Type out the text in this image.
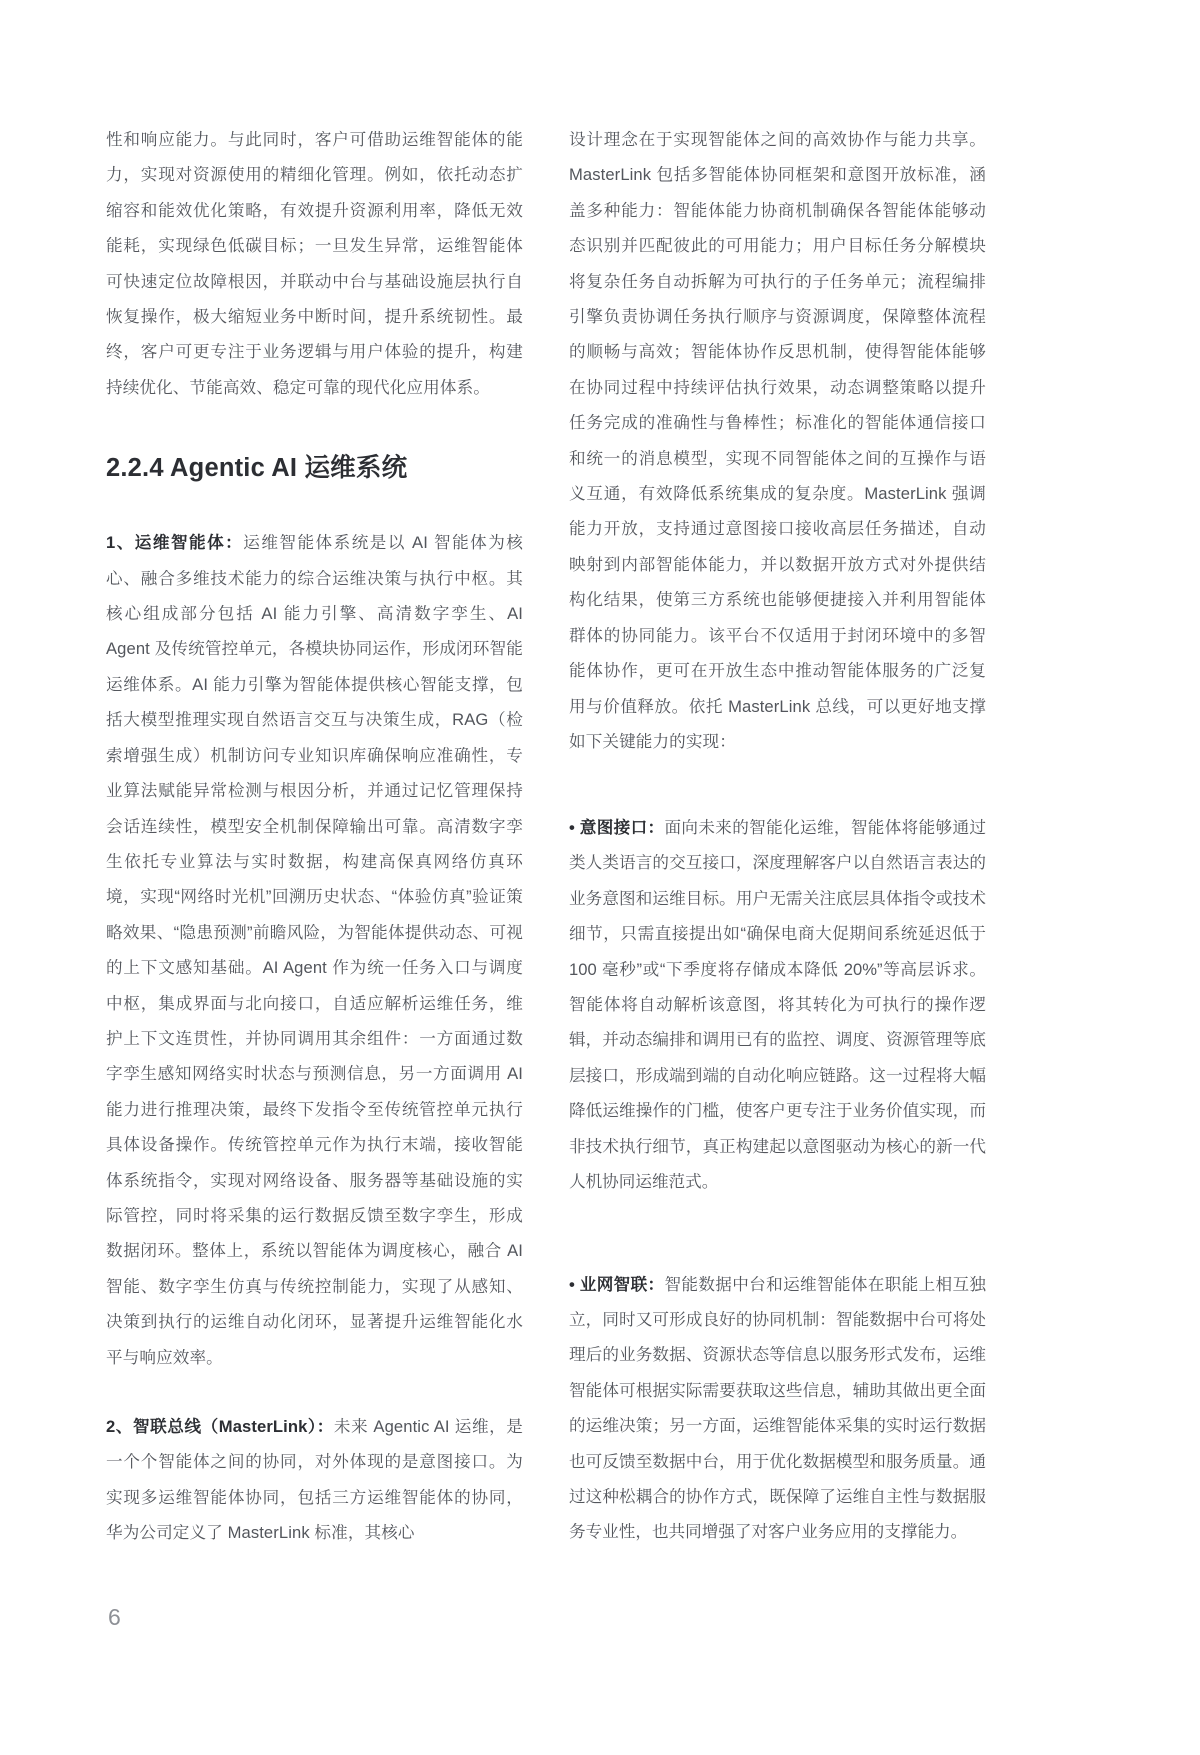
性和响应能力。与此同时，客户可借助运维智能体的能力，实现对资源使用的精细化管理。例如，依托动态扩缩容和能效优化策略，有效提升资源利用率，降低无效能耗，实现绿色低碳目标；一旦发生异常，运维智能体可快速定位故障根因，并联动中台与基础设施层执行自恢复操作，极大缩短业务中断时间，提升系统韧性。最终，客户可更专注于业务逻辑与用户体验的提升，构建持续优化、节能高效、稳定可靠的现代化应用体系。

2.2.4 Agentic AI 运维系统

1、运维智能体：运维智能体系统是以 AI 智能体为核心、融合多维技术能力的综合运维决策与执行中枢。其核心组成部分包括 AI 能力引擎、高清数字孪生、AI Agent 及传统管控单元，各模块协同运作，形成闭环智能运维体系。AI 能力引擎为智能体提供核心智能支撑，包括大模型推理实现自然语言交互与决策生成，RAG（检索增强生成）机制访问专业知识库确保响应准确性，专业算法赋能异常检测与根因分析，并通过记忆管理保持会话连续性，模型安全机制保障输出可靠。高清数字孪生依托专业算法与实时数据，构建高保真网络仿真环境，实现“网络时光机”回溯历史状态、“体验仿真”验证策略效果、“隐患预测”前瞻风险，为智能体提供动态、可视的上下文感知基础。AI Agent 作为统一任务入口与调度中枢，集成界面与北向接口，自适应解析运维任务，维护上下文连贯性，并协同调用其余组件：一方面通过数字孪生感知网络实时状态与预测信息，另一方面调用 AI 能力进行推理决策，最终下发指令至传统管控单元执行具体设备操作。传统管控单元作为执行末端，接收智能体系统指令，实现对网络设备、服务器等基础设施的实际管控，同时将采集的运行数据反馈至数字孪生，形成数据闭环。整体上，系统以智能体为调度核心，融合 AI 智能、数字孪生仿真与传统控制能力，实现了从感知、决策到执行的运维自动化闭环，显著提升运维智能化水平与响应效率。

2、智联总线（MasterLink）：未来 Agentic AI 运维，是一个个智能体之间的协同，对外体现的是意图接口。为实现多运维智能体协同，包括三方运维智能体的协同，华为公司定义了 MasterLink 标准，其核心

设计理念在于实现智能体之间的高效协作与能力共享。MasterLink 包括多智能体协同框架和意图开放标准，涵盖多种能力：智能体能力协商机制确保各智能体能够动态识别并匹配彼此的可用能力；用户目标任务分解模块将复杂任务自动拆解为可执行的子任务单元；流程编排引擎负责协调任务执行顺序与资源调度，保障整体流程的顺畅与高效；智能体协作反思机制，使得智能体能够在协同过程中持续评估执行效果，动态调整策略以提升任务完成的准确性与鲁棒性；标准化的智能体通信接口和统一的消息模型，实现不同智能体之间的互操作与语义互通，有效降低系统集成的复杂度。MasterLink 强调能力开放，支持通过意图接口接收高层任务描述，自动映射到内部智能体能力，并以数据开放方式对外提供结构化结果，使第三方系统也能够便捷接入并利用智能体群体的协同能力。该平台不仅适用于封闭环境中的多智能体协作，更可在开放生态中推动智能体服务的广泛复用与价值释放。依托 MasterLink 总线，可以更好地支撑如下关键能力的实现：

• 意图接口：面向未来的智能化运维，智能体将能够通过类人类语言的交互接口，深度理解客户以自然语言表达的业务意图和运维目标。用户无需关注底层具体指令或技术细节，只需直接提出如“确保电商大促期间系统延迟低于 100 毫秒”或“下季度将存储成本降低 20%”等高层诉求。智能体将自动解析该意图，将其转化为可执行的操作逻辑，并动态编排和调用已有的监控、调度、资源管理等底层接口，形成端到端的自动化响应链路。这一过程将大幅降低运维操作的门槛，使客户更专注于业务价值实现，而非技术执行细节，真正构建起以意图驱动为核心的新一代人机协同运维范式。

• 业网智联：智能数据中台和运维智能体在职能上相互独立，同时又可形成良好的协同机制：智能数据中台可将处理后的业务数据、资源状态等信息以服务形式发布，运维智能体可根据实际需要获取这些信息，辅助其做出更全面的运维决策；另一方面，运维智能体采集的实时运行数据也可反馈至数据中台，用于优化数据模型和服务质量。通过这种松耦合的协作方式，既保障了运维自主性与数据服务专业性，也共同增强了对客户业务应用的支撑能力。

6
